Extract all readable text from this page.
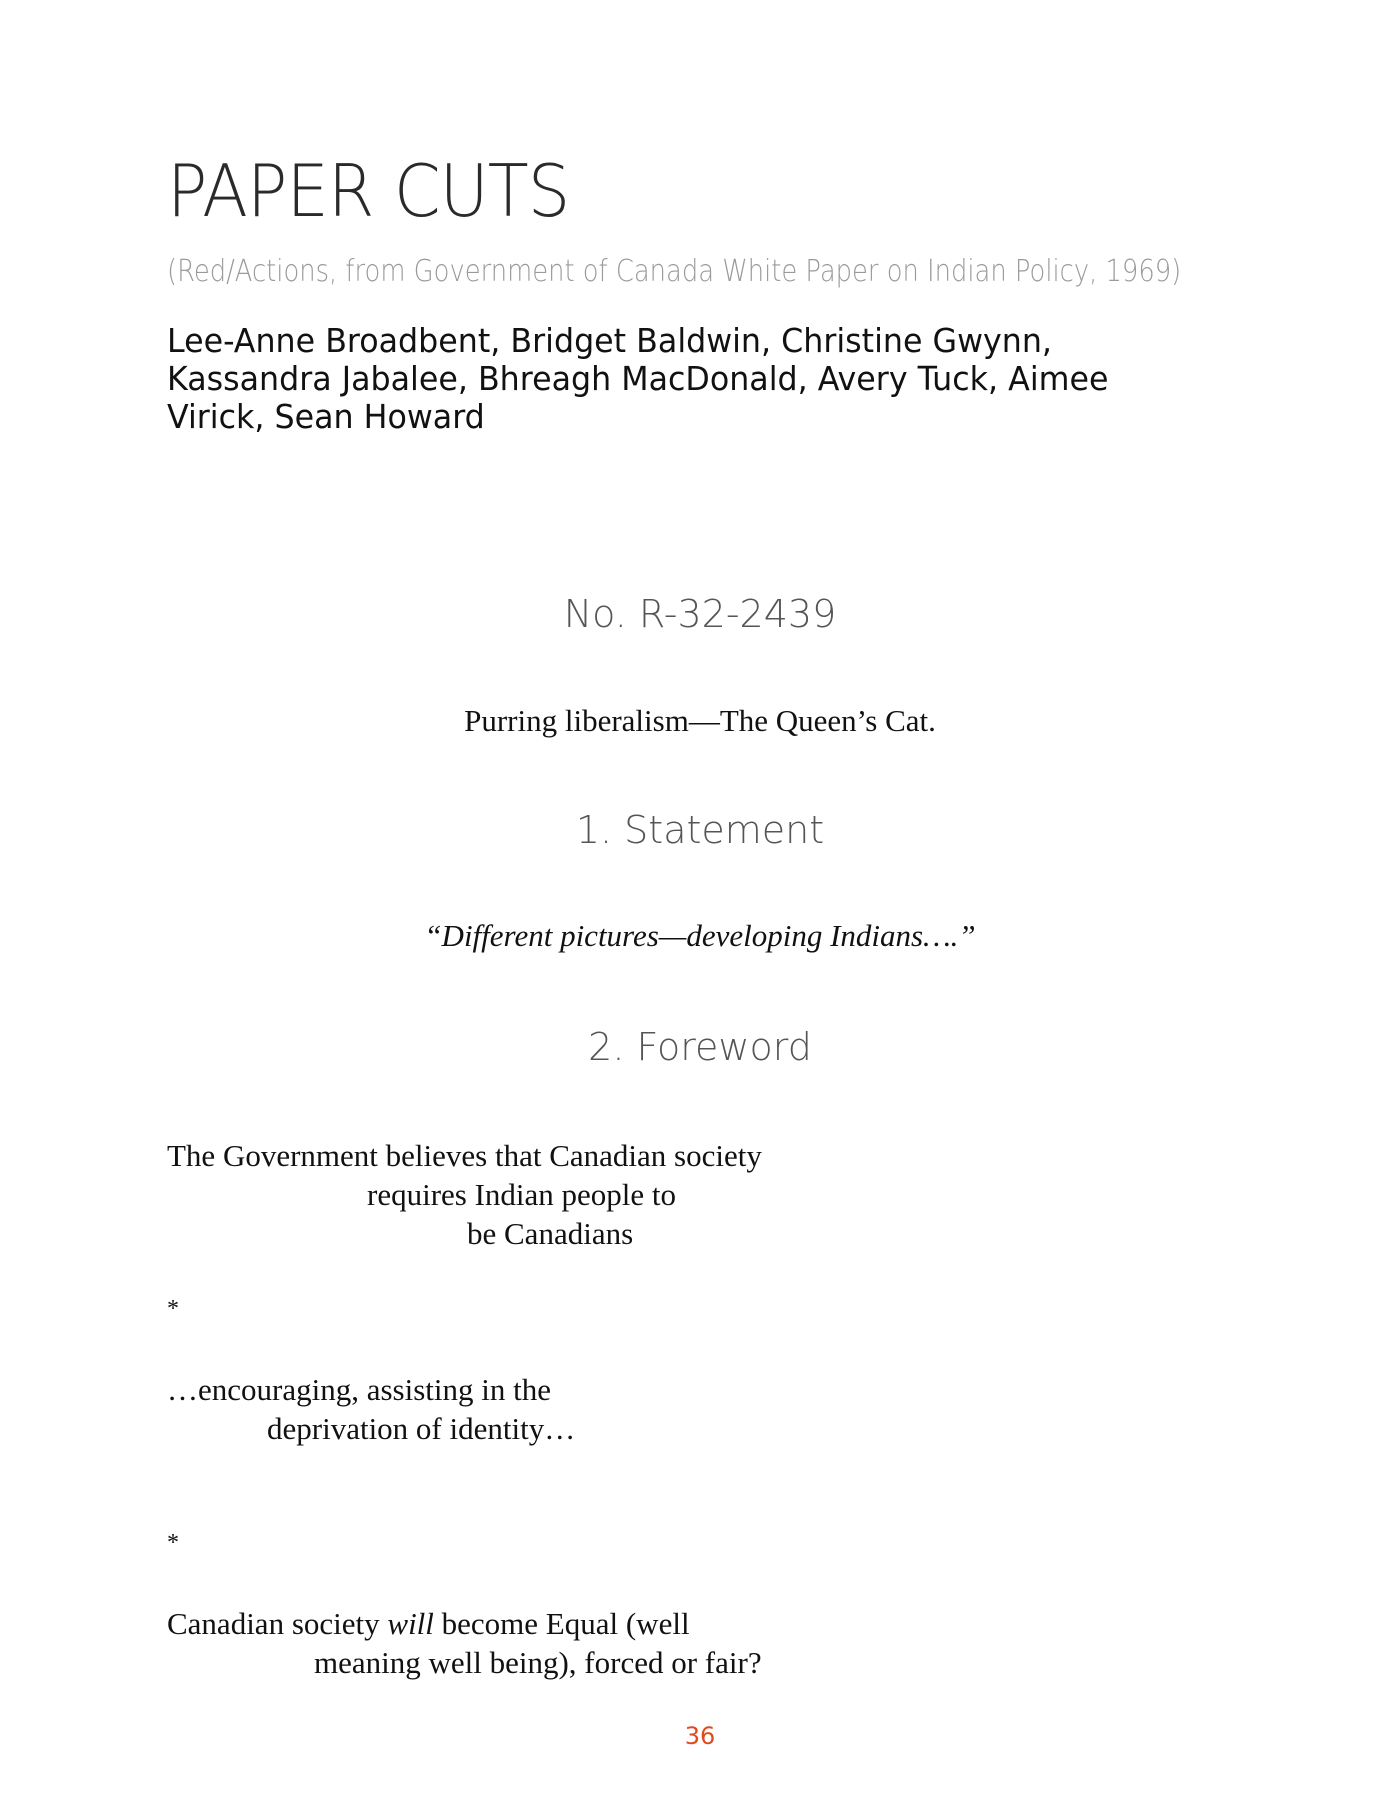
PAPER CUTS

(Red/Actions, from Government of Canada White Paper on Indian Policy, 1969)

Lee-Anne Broadbent, Bridget Baldwin, Christine Gwynn, Kassandra Jabalee, Bhreagh MacDonald, Avery Tuck, Aimee Virick, Sean Howard

No. R-32-2439

Purring liberalism—The Queen’s Cat.

1. Statement

“Different pictures—developing Indians….”

2. Foreword

The Government believes that Canadian society

requires Indian people to

be Canadians

*

…encouraging, assisting in the

deprivation of identity…

*

Canadian society will become Equal (well

meaning well being), forced or fair?

36
